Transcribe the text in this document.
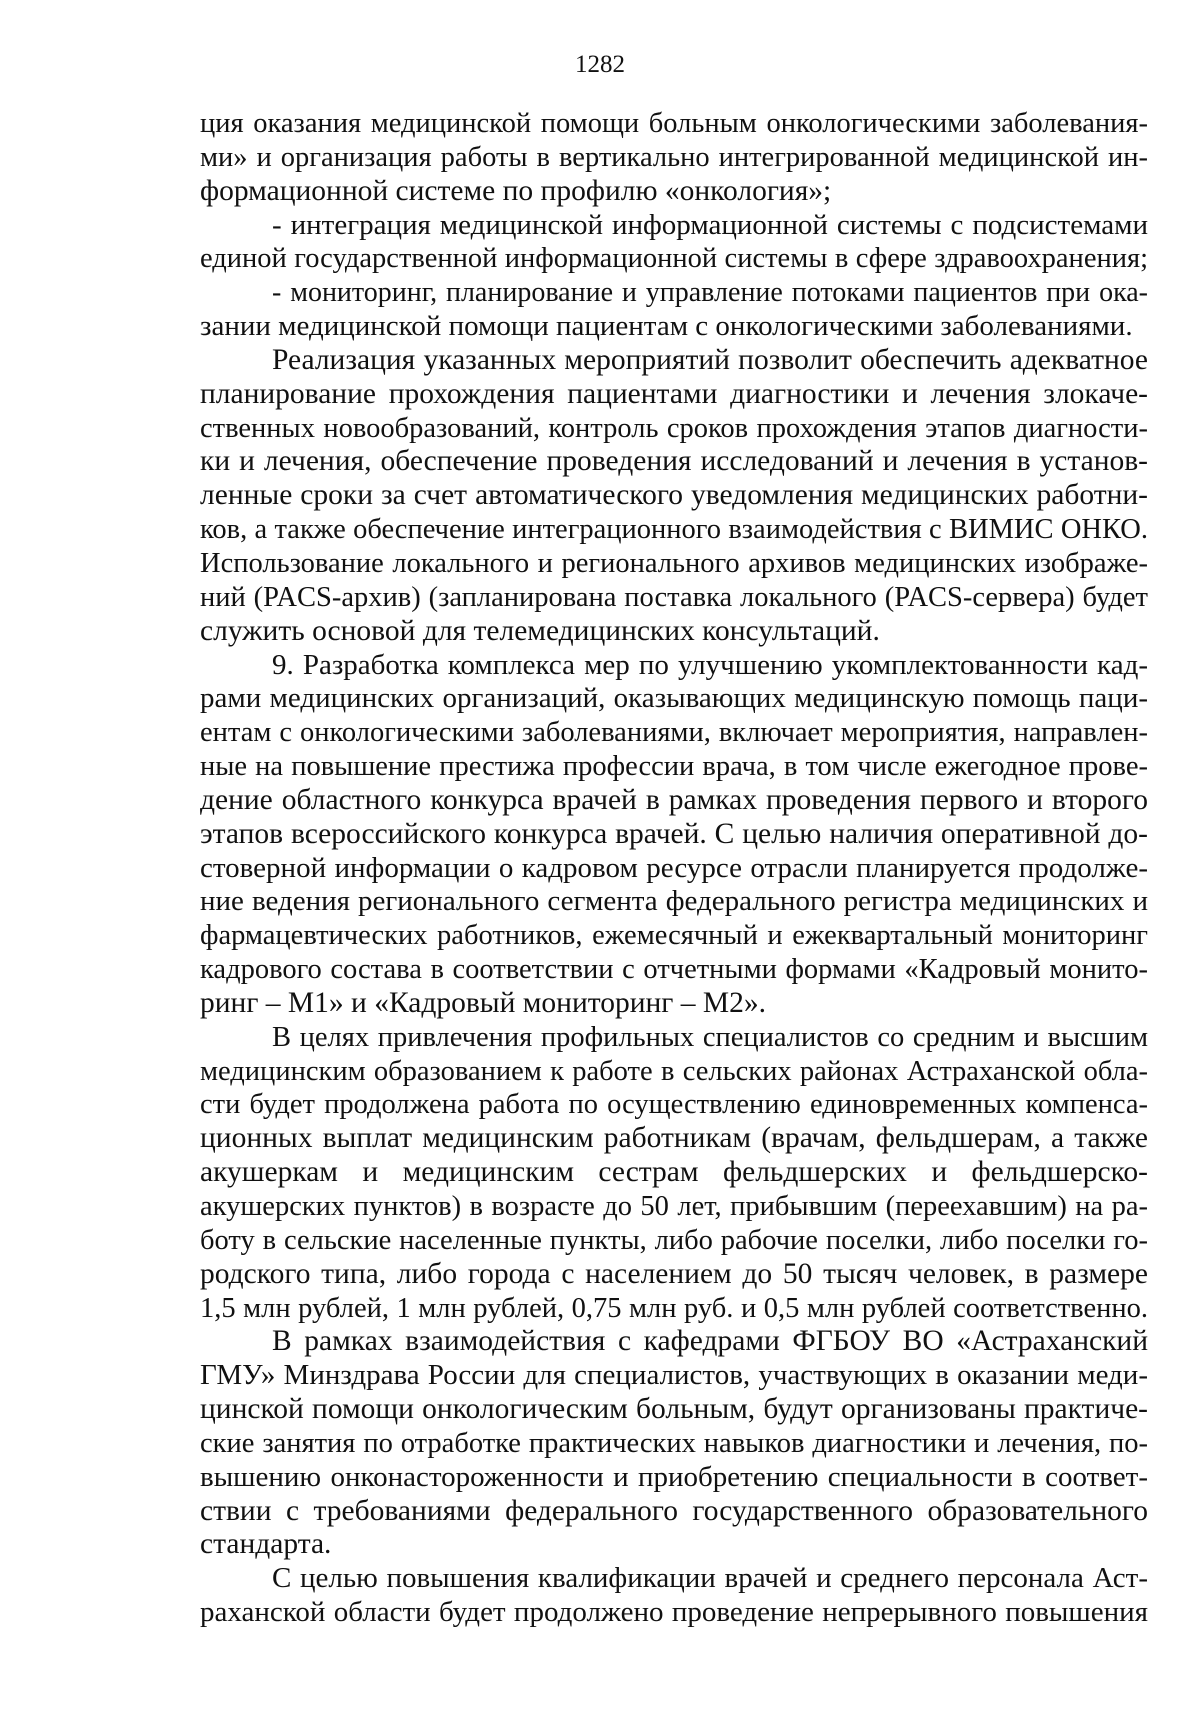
1282
ция оказания медицинской помощи больным онкологическими заболевания-
ми» и организация работы в вертикально интегрированной медицинской ин-
формационной системе по профилю «онкология»;
- интеграция медицинской информационной системы с подсистемами
единой государственной информационной системы в сфере здравоохранения;
- мониторинг, планирование и управление потоками пациентов при ока-
зании медицинской помощи пациентам с онкологическими заболеваниями.
Реализация указанных мероприятий позволит обеспечить адекватное
планирование прохождения пациентами диагностики и лечения злокаче-
ственных новообразований, контроль сроков прохождения этапов диагности-
ки и лечения, обеспечение проведения исследований и лечения в установ-
ленные сроки за счет автоматического уведомления медицинских работни-
ков, а также обеспечение интеграционного взаимодействия с ВИМИС ОНКО.
Использование локального и регионального архивов медицинских изображе-
ний (PACS-архив) (запланирована поставка локального (PACS-сервера) будет
служить основой для телемедицинских консультаций.
9. Разработка комплекса мер по улучшению укомплектованности кад-
рами медицинских организаций, оказывающих медицинскую помощь паци-
ентам с онкологическими заболеваниями, включает мероприятия, направлен-
ные на повышение престижа профессии врача, в том числе ежегодное прове-
дение областного конкурса врачей в рамках проведения первого и второго
этапов всероссийского конкурса врачей. С целью наличия оперативной до-
стоверной информации о кадровом ресурсе отрасли планируется продолже-
ние ведения регионального сегмента федерального регистра медицинских и
фармацевтических работников, ежемесячный и ежеквартальный мониторинг
кадрового состава в соответствии с отчетными формами «Кадровый монито-
ринг – М1» и «Кадровый мониторинг – М2».
В целях привлечения профильных специалистов со средним и высшим
медицинским образованием к работе в сельских районах Астраханской обла-
сти будет продолжена работа по осуществлению единовременных компенса-
ционных выплат медицинским работникам (врачам, фельдшерам, а также
акушеркам и медицинским сестрам фельдшерских и фельдшерско-
акушерских пунктов) в возрасте до 50 лет, прибывшим (переехавшим) на ра-
боту в сельские населенные пункты, либо рабочие поселки, либо поселки го-
родского типа, либо города с населением до 50 тысяч человек, в размере
1,5 млн рублей, 1 млн рублей, 0,75 млн руб. и 0,5 млн рублей соответственно.
В рамках взаимодействия с кафедрами ФГБОУ ВО «Астраханский
ГМУ» Минздрава России для специалистов, участвующих в оказании меди-
цинской помощи онкологическим больным, будут организованы практиче-
ские занятия по отработке практических навыков диагностики и лечения, по-
вышению онконастороженности и приобретению специальности в соответ-
ствии с требованиями федерального государственного образовательного
стандарта.
С целью повышения квалификации врачей и среднего персонала Аст-
раханской области будет продолжено проведение непрерывного повышения
